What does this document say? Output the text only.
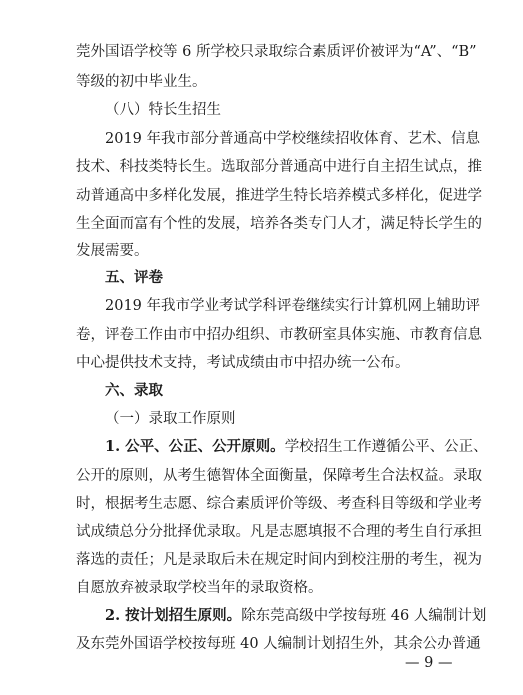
莞外国语学校等 6 所学校只录取综合素质评价被评为“A”、“B”
等级的初中毕业生。
（八）特长生招生
2019 年我市部分普通高中学校继续招收体育、艺术、信息
技术、科技类特长生。选取部分普通高中进行自主招生试点，推
动普通高中多样化发展，推进学生特长培养模式多样化，促进学
生全面而富有个性的发展，培养各类专门人才，满足特长学生的
发展需要。
五、评卷
2019 年我市学业考试学科评卷继续实行计算机网上辅助评
卷，评卷工作由市中招办组织、市教研室具体实施、市教育信息
中心提供技术支持，考试成绩由市中招办统一公布。
六、录取
（一）录取工作原则
1. 公平、公正、公开原则。学校招生工作遵循公平、公正、
公开的原则，从考生德智体全面衡量，保障考生合法权益。录取
时，根据考生志愿、综合素质评价等级、考查科目等级和学业考
试成绩总分分批择优录取。凡是志愿填报不合理的考生自行承担
落选的责任；凡是录取后未在规定时间内到校注册的考生，视为
自愿放弃被录取学校当年的录取资格。
2. 按计划招生原则。除东莞高级中学按每班 46 人编制计划
及东莞外国语学校按每班 40 人编制计划招生外，其余公办普通
— 9 —
